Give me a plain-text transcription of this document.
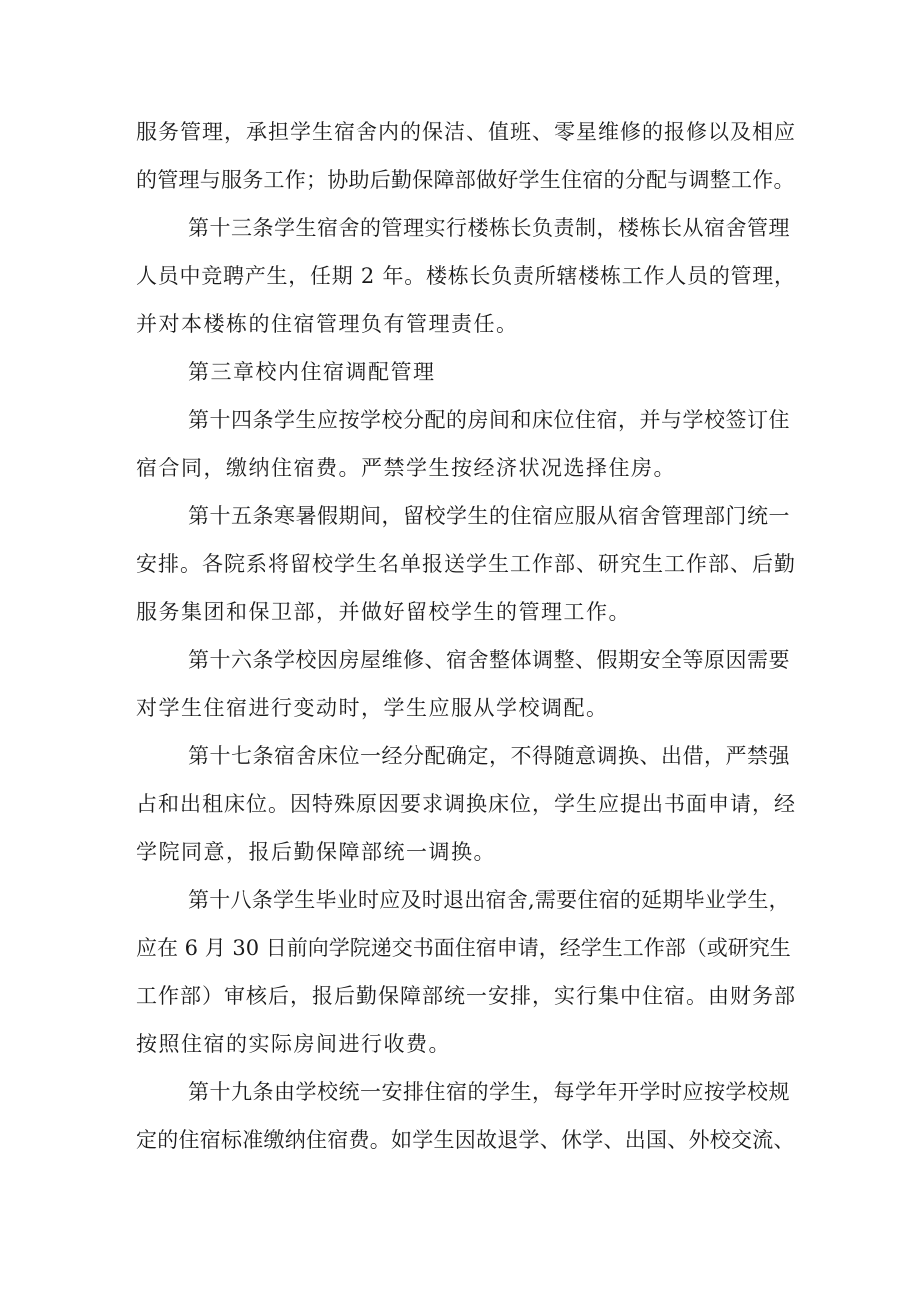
服务管理，承担学生宿舍内的保洁、值班、零星维修的报修以及相应
的管理与服务工作；协助后勤保障部做好学生住宿的分配与调整工作。
第十三条学生宿舍的管理实行楼栋长负责制，楼栋长从宿舍管理
人员中竞聘产生，任期 2 年。楼栋长负责所辖楼栋工作人员的管理，
并对本楼栋的住宿管理负有管理责任。
第三章校内住宿调配管理
第十四条学生应按学校分配的房间和床位住宿，并与学校签订住
宿合同，缴纳住宿费。严禁学生按经济状况选择住房。
第十五条寒暑假期间，留校学生的住宿应服从宿舍管理部门统一
安排。各院系将留校学生名单报送学生工作部、研究生工作部、后勤
服务集团和保卫部，并做好留校学生的管理工作。
第十六条学校因房屋维修、宿舍整体调整、假期安全等原因需要
对学生住宿进行变动时，学生应服从学校调配。
第十七条宿舍床位一经分配确定，不得随意调换、出借，严禁强
占和出租床位。因特殊原因要求调换床位，学生应提出书面申请，经
学院同意，报后勤保障部统一调换。
第十八条学生毕业时应及时退出宿舍,需要住宿的延期毕业学生，
应在 6 月 30 日前向学院递交书面住宿申请，经学生工作部（或研究生
工作部）审核后，报后勤保障部统一安排，实行集中住宿。由财务部
按照住宿的实际房间进行收费。
第十九条由学校统一安排住宿的学生，每学年开学时应按学校规
定的住宿标准缴纳住宿费。如学生因故退学、休学、出国、外校交流、
